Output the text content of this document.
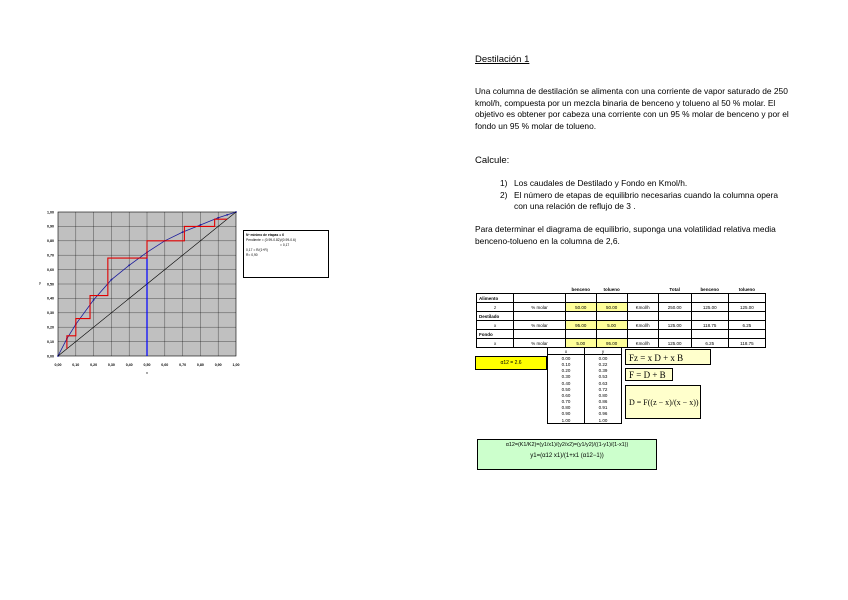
0,00
0,00
0,10
0,10
0,20
0,20
0,30
0,30
0,40
0,40
0,50
0,50
0,60
0,60
0,70
0,70
0,80
0,80
0,90
0,90
1,00
1,00
x
y
Nº mínimo de etapas = 6
Pendiente = (0.99-0.82)/(0.99-0.6)
= 0,17
0,17 = R/(1+R)
R= 0,90
Destilación 1
Una columna de destilación se alimenta con una corriente de vapor saturado de 250 kmol/h, compuesta por un mezcla binaria de benceno y tolueno al 50 % molar. El objetivo es obtener por cabeza una corriente con un 95 % molar de benceno y por el fondo un 95 % molar de tolueno.
Calcule:
1) Los caudales de Destilado y Fondo en Kmol/h.
2) El número de etapas de equilibrio necesarias cuando la columna opera con una relación de reflujo de 3 .
Para determinar el diagrama de equilibrio, suponga una volatilidad relativa media benceno-tolueno en la columna de 2,6.
		benceno	tolueno		Total	benceno	tolueno
Alimento							
z	% molar	50.00	50.00	Kmol/h	250.00	125.00	125.00
Destilado							
x	% molar	95.00	5.00	Kmol/h	125.00	118.75	6.25
Fondo							
x	% molar	5.00	95.00	Kmol/h	125.00	6.25	118.75
α12 = 2.6
x	y
0.00	0.00
0.10	0.22
0.20	0.39
0.30	0.53
0.40	0.63
0.50	0.72
0.60	0.80
0.70	0.86
0.80	0.91
0.90	0.96
1.00	1.00
Fz = x D + x B
F = D + B
D = F((z − x)/(x − x))
α12=(K1/K2)=(y1/x1)/(y2/x2)=(y1/y2)/((1-y1)/(1-x1))
y1=(α12 x1)/(1+x1 (α12−1))
